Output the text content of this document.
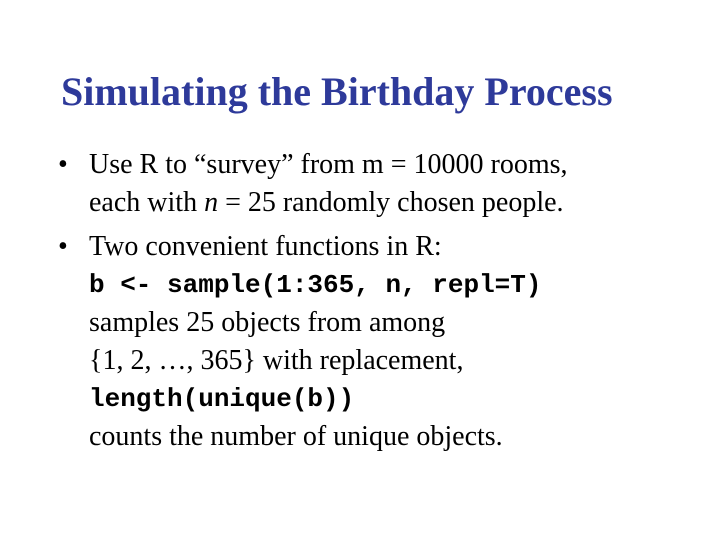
Simulating the Birthday Process
• Use R to “survey” from m = 10000 rooms,
each with n = 25 randomly chosen people.
• Two convenient functions in R:
b <- sample(1:365, n, repl=T)
samples 25 objects from among
{1, 2, …, 365} with replacement,
length(unique(b))
counts the number of unique objects.
